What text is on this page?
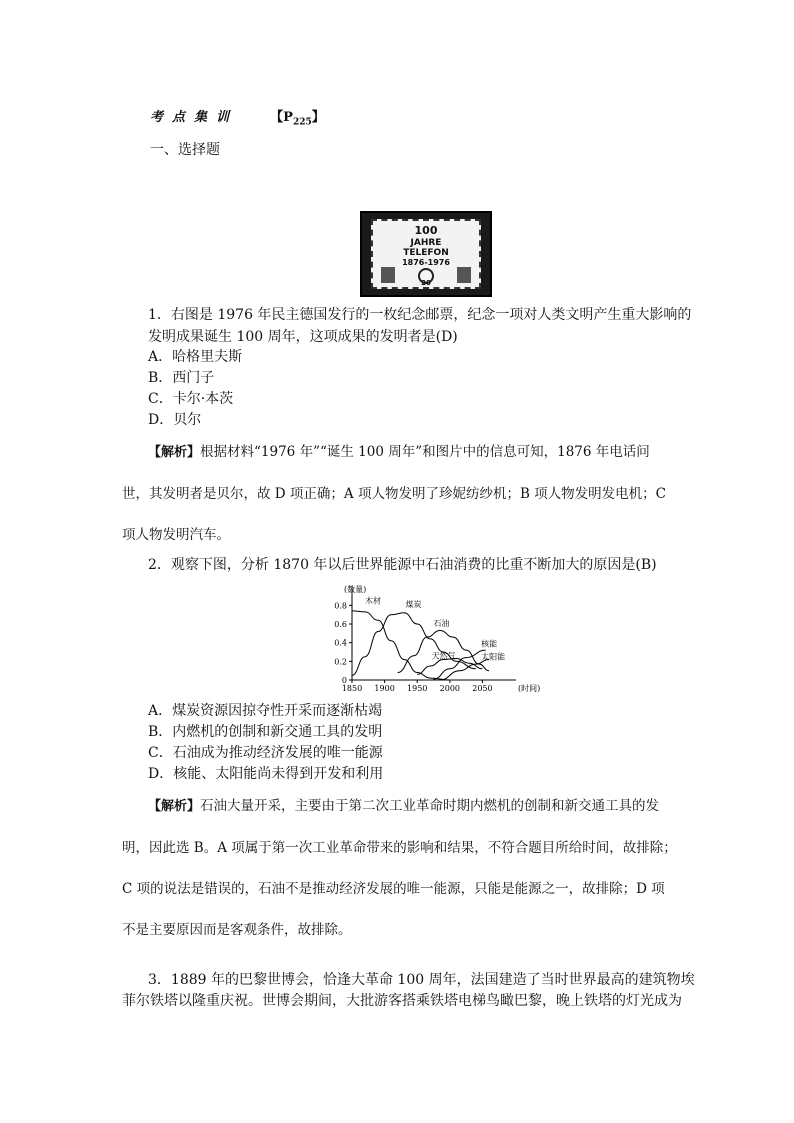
考点集训 【$P_{225}$】
一、选择题
100
JAHRE
TELEFON
1876-1976
20
1．右图是 1976 年民主德国发行的一枚纪念邮票，纪念一项对人类文明产生重大影响的
发明成果诞生 100 周年，这项成果的发明者是(D)
A．哈格里夫斯
B．西门子
C．卡尔·本茨
D．贝尔
【解析】根据材料“1976 年”“诞生 100 周年”和图片中的信息可知，1876 年电话问
世，其发明者是贝尔，故 D 项正确；A 项人物发明了珍妮纺纱机；B 项人物发明发电机；C
项人物发明汽车。
2．观察下图，分析 1870 年以后世界能源中石油消费的比重不断加大的原因是(B)
0
0.2
0.4
0.6
0.8
1850 1900 1950 2000 2050
(数量)
(时间)
木材	煤炭
石油
天然气
核能
太阳能
A．煤炭资源因掠夺性开采而逐渐枯竭
B．内燃机的创制和新交通工具的发明
C．石油成为推动经济发展的唯一能源
D．核能、太阳能尚未得到开发和利用
【解析】石油大量开采，主要由于第二次工业革命时期内燃机的创制和新交通工具的发
明，因此选 B。A 项属于第一次工业革命带来的影响和结果，不符合题目所给时间，故排除；
C 项的说法是错误的，石油不是推动经济发展的唯一能源，只能是能源之一，故排除；D 项
不是主要原因而是客观条件，故排除。
3．1889 年的巴黎世博会，恰逢大革命 100 周年，法国建造了当时世界最高的建筑物埃
菲尔铁塔以隆重庆祝。世博会期间，大批游客搭乘铁塔电梯鸟瞰巴黎，晚上铁塔的灯光成为
